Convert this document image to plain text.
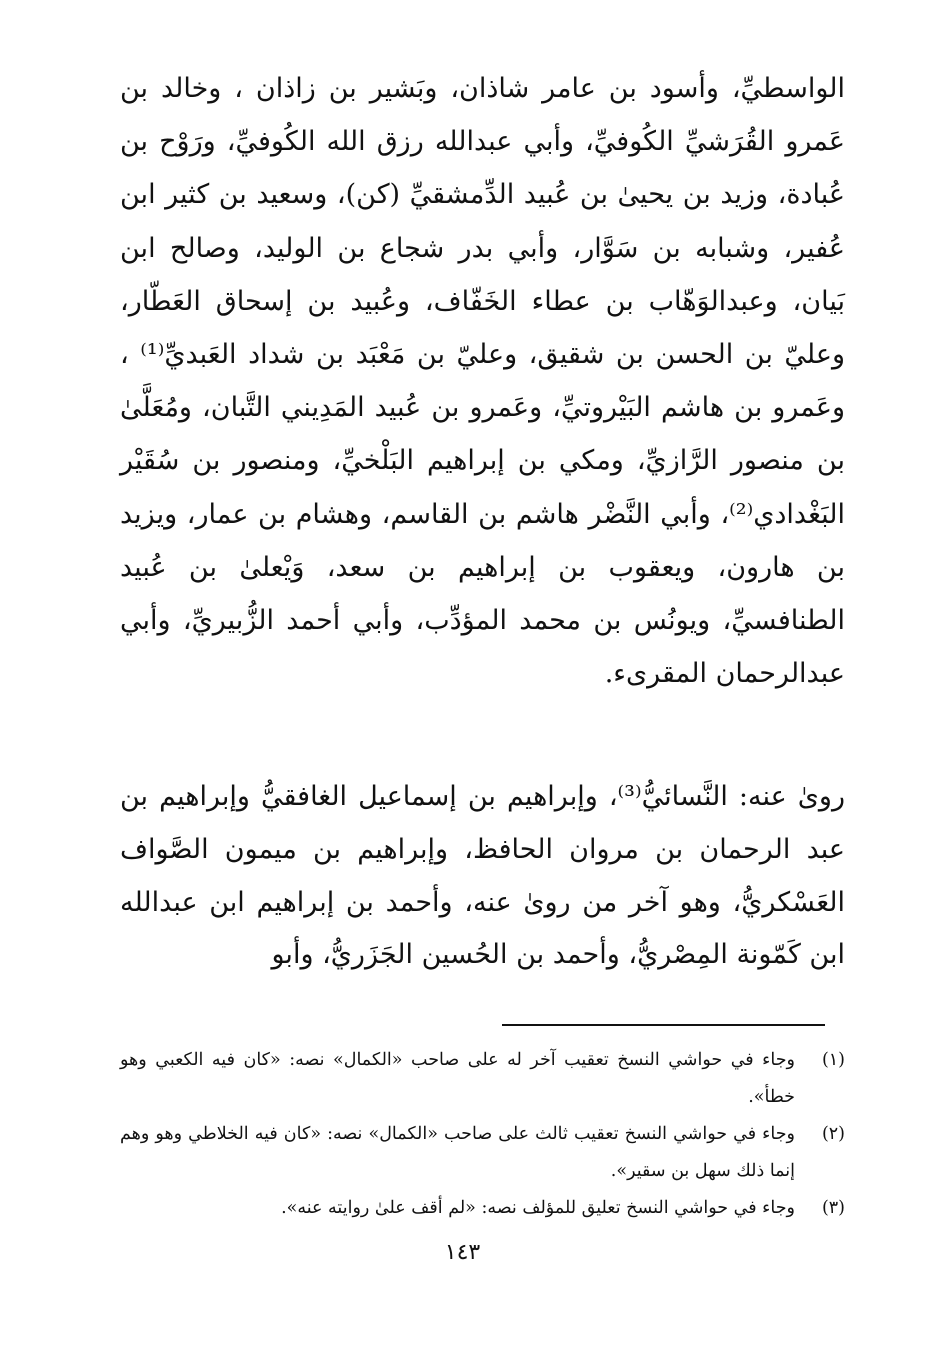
الواسطيِّ، وأسود بن عامر شاذان، وبَشير بن زاذان ، وخالد بن عَمرو القُرَشيِّ الكُوفيِّ، وأبي عبدالله رزق الله الكُوفيِّ، ورَوْح بن عُبادة، وزيد بن يحيىٰ بن عُبيد الدِّمشقيِّ (كن)، وسعيد بن كثير ابن عُفير، وشبابه بن سَوَّار، وأبي بدر شجاع بن الوليد، وصالح ابن بَيان، وعبدالوَهّاب بن عطاء الخَفّاف، وعُبيد بن إسحاق العَطّار، وعليّ بن الحسن بن شقيق، وعليّ بن مَعْبَد بن شداد العَبديِّ⁽¹⁾ ، وعَمرو بن هاشم البَيْروتيِّ، وعَمرو بن عُبيد المَدِيني التَّبان، ومُعَلَّىٰ بن منصور الرَّازيِّ، ومكي بن إبراهيم البَلْخيِّ، ومنصور بن سُقَيْر البَغْدادي⁽²⁾، وأبي النَّضْر هاشم بن القاسم، وهشام بن عمار، ويزيد بن هارون، ويعقوب بن إبراهيم بن سعد، وَيْعلىٰ بن عُبيد الطنافسيِّ، ويونُس بن محمد المؤدِّب، وأبي أحمد الزُّبيريِّ، وأبي عبدالرحمان المقرىء.

روىٰ عنه: النَّسائيُّ⁽³⁾، وإبراهيم بن إسماعيل الغافقيُّ وإبراهيم بن عبد الرحمان بن مروان الحافظ، وإبراهيم بن ميمون الصَّواف العَسْكريُّ، وهو آخر من روىٰ عنه، وأحمد بن إبراهيم ابن عبدالله ابن كَمّونة المِصْريُّ، وأحمد بن الحُسين الجَزَريُّ، وأبو

(١)
وجاء في حواشي النسخ تعقيب آخر له على صاحب «الكمال» نصه: «كان فيه الكعبي وهو خطأ».
(٢)
وجاء في حواشي النسخ تعقيب ثالث على صاحب «الكمال» نصه: «كان فيه الخلاطي وهو وهم إنما ذلك سهل بن سقير».
(٣)
وجاء في حواشي النسخ تعليق للمؤلف نصه: «لم أقف علىٰ روايته عنه».
١٤٣
